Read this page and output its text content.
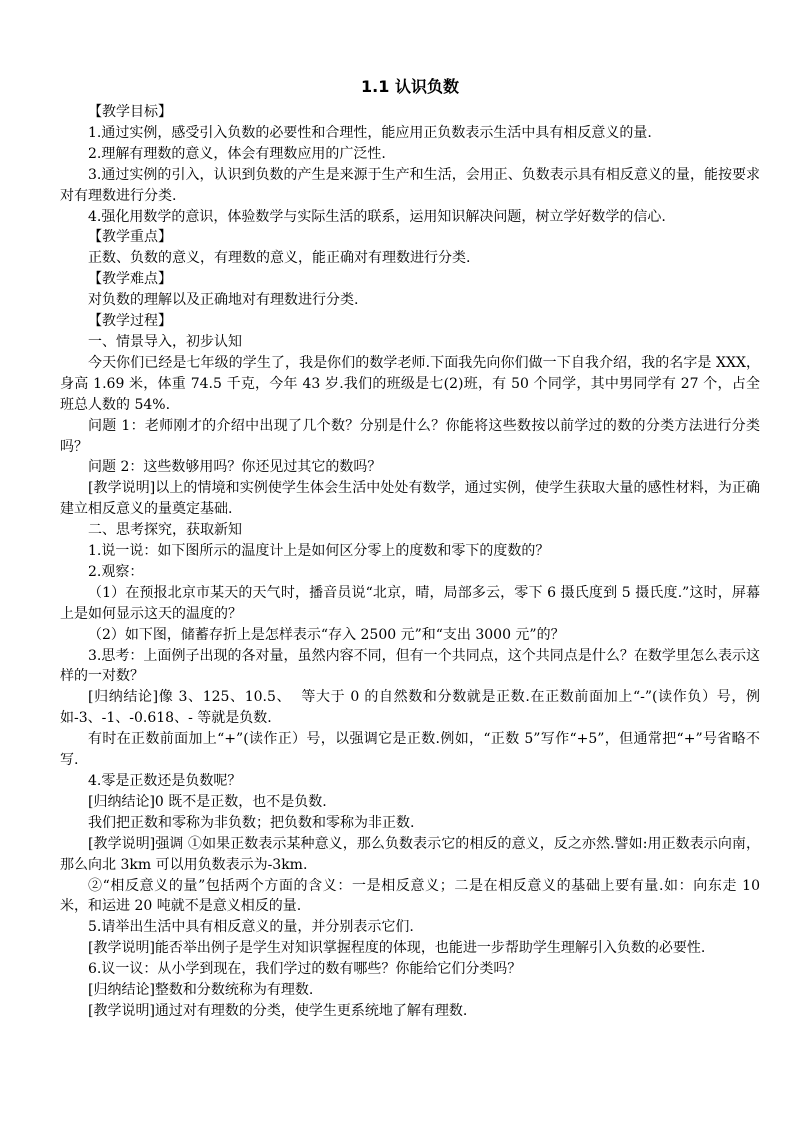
1.1 认识负数

【教学目标】

1.通过实例，感受引入负数的必要性和合理性，能应用正负数表示生活中具有相反意义的量.

2.理解有理数的意义，体会有理数应用的广泛性.

3.通过实例的引入，认识到负数的产生是来源于生产和生活，会用正、负数表示具有相反意义的量，能按要求对有理数进行分类.

4.强化用数学的意识，体验数学与实际生活的联系，运用知识解决问题，树立学好数学的信心.

【教学重点】

正数、负数的意义，有理数的意义，能正确对有理数进行分类.

【教学难点】

对负数的理解以及正确地对有理数进行分类.

【教学过程】

一、情景导入，初步认知

今天你们已经是七年级的学生了，我是你们的数学老师.下面我先向你们做一下自我介绍，我的名字是 XXX，身高 1.69 米，体重 74.5 千克，今年 43 岁.我们的班级是七(2)班，有 50 个同学，其中男同学有 27 个，占全班总人数的 54%.

问题 1：老师刚才的介绍中出现了几个数？分别是什么？你能将这些数按以前学过的数的分类方法进行分类吗？

问题 2：这些数够用吗？你还见过其它的数吗？

[教学说明]以上的情境和实例使学生体会生活中处处有数学，通过实例，使学生获取大量的感性材料，为正确建立相反意义的量奠定基础.

二、思考探究，获取新知

1.说一说：如下图所示的温度计上是如何区分零上的度数和零下的度数的？

2.观察：

（1）在预报北京市某天的天气时，播音员说“北京，晴，局部多云，零下 6 摄氏度到 5 摄氏度.”这时，屏幕上是如何显示这天的温度的？

（2）如下图，储蓄存折上是怎样表示“存入 2500 元”和“支出 3000 元”的？

3.思考：上面例子出现的各对量，虽然内容不同，但有一个共同点，这个共同点是什么？在数学里怎么表示这样的一对数？

[归纳结论]像 3、125、10.5、  等大于 0 的自然数和分数就是正数.在正数前面加上“-”(读作负）号，例如-3、-1、-0.618、- 等就是负数.

有时在正数前面加上“+”(读作正）号，以强调它是正数.例如，“正数 5”写作“+5”，但通常把“+”号省略不写.

4.零是正数还是负数呢？

[归纳结论]0 既不是正数，也不是负数.

我们把正数和零称为非负数；把负数和零称为非正数.

[教学说明]强调 ①如果正数表示某种意义，那么负数表示它的相反的意义，反之亦然.譬如:用正数表示向南，那么向北 3km 可以用负数表示为-3km.

②“相反意义的量”包括两个方面的含义：一是相反意义；二是在相反意义的基础上要有量.如：向东走 10 米，和运进 20 吨就不是意义相反的量.

5.请举出生活中具有相反意义的量，并分别表示它们.

[教学说明]能否举出例子是学生对知识掌握程度的体现，也能进一步帮助学生理解引入负数的必要性.

6.议一议：从小学到现在，我们学过的数有哪些？你能给它们分类吗？

[归纳结论]整数和分数统称为有理数.

[教学说明]通过对有理数的分类，使学生更系统地了解有理数.
